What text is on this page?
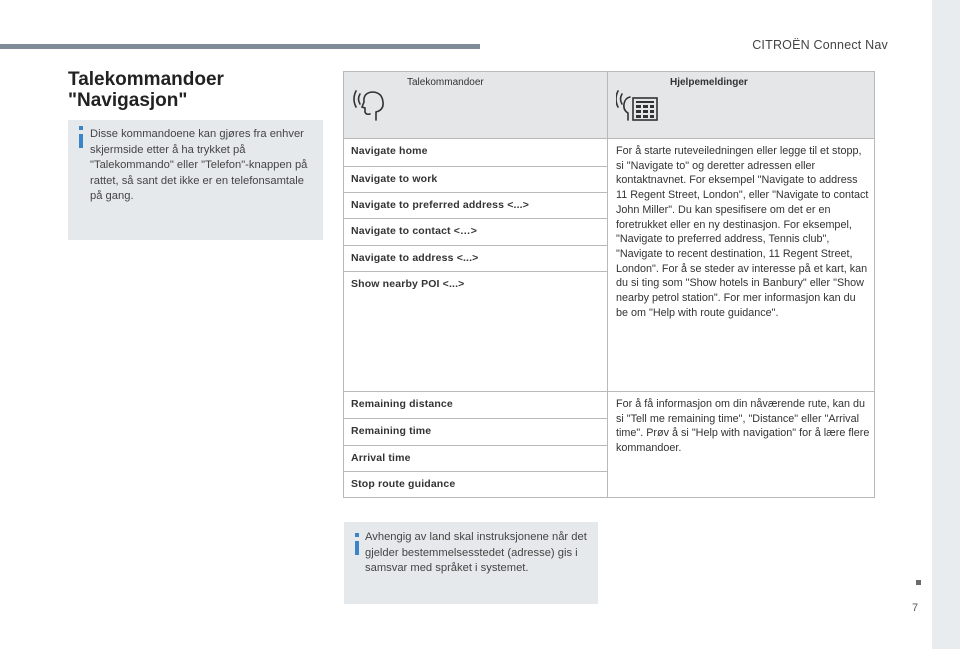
CITROËN Connect Nav
Talekommandoer
"Navigasjon"

Disse kommandoene kan gjøres fra enhver skjermside etter å ha trykket på "Talekommando" eller "Telefon"-knappen på rattet, så sant det ikke er en telefonsamtale på gang.

Talekommandoer	Hjelpemeldinger
Navigate home
Navigate to work
Navigate to preferred address <...>
Navigate to contact <…>
Navigate to address <...>
Show nearby POI <...>

For å starte ruteveiledningen eller legge til et stopp, si "Navigate to" og deretter adressen eller kontaktnavnet. For eksempel "Navigate to address 11 Regent Street, London", eller "Navigate to contact John Miller". Du kan spesifisere om det er en foretrukket eller en ny destinasjon. For eksempel, "Navigate to preferred address, Tennis club", "Navigate to recent destination, 11 Regent Street, London". For å se steder av interesse på et kart, kan du si ting som "Show hotels in Banbury" eller "Show nearby petrol station". For mer informasjon kan du be om "Help with route guidance".

Remaining distance
Remaining time
Arrival time
Stop route guidance

For å få informasjon om din nåværende rute, kan du si "Tell me remaining time", "Distance" eller "Arrival time". Prøv å si "Help with navigation" for å lære flere kommandoer.

Avhengig av land skal instruksjonene når det gjelder bestemmelsesstedet (adresse) gis i samsvar med språket i systemet.

7
